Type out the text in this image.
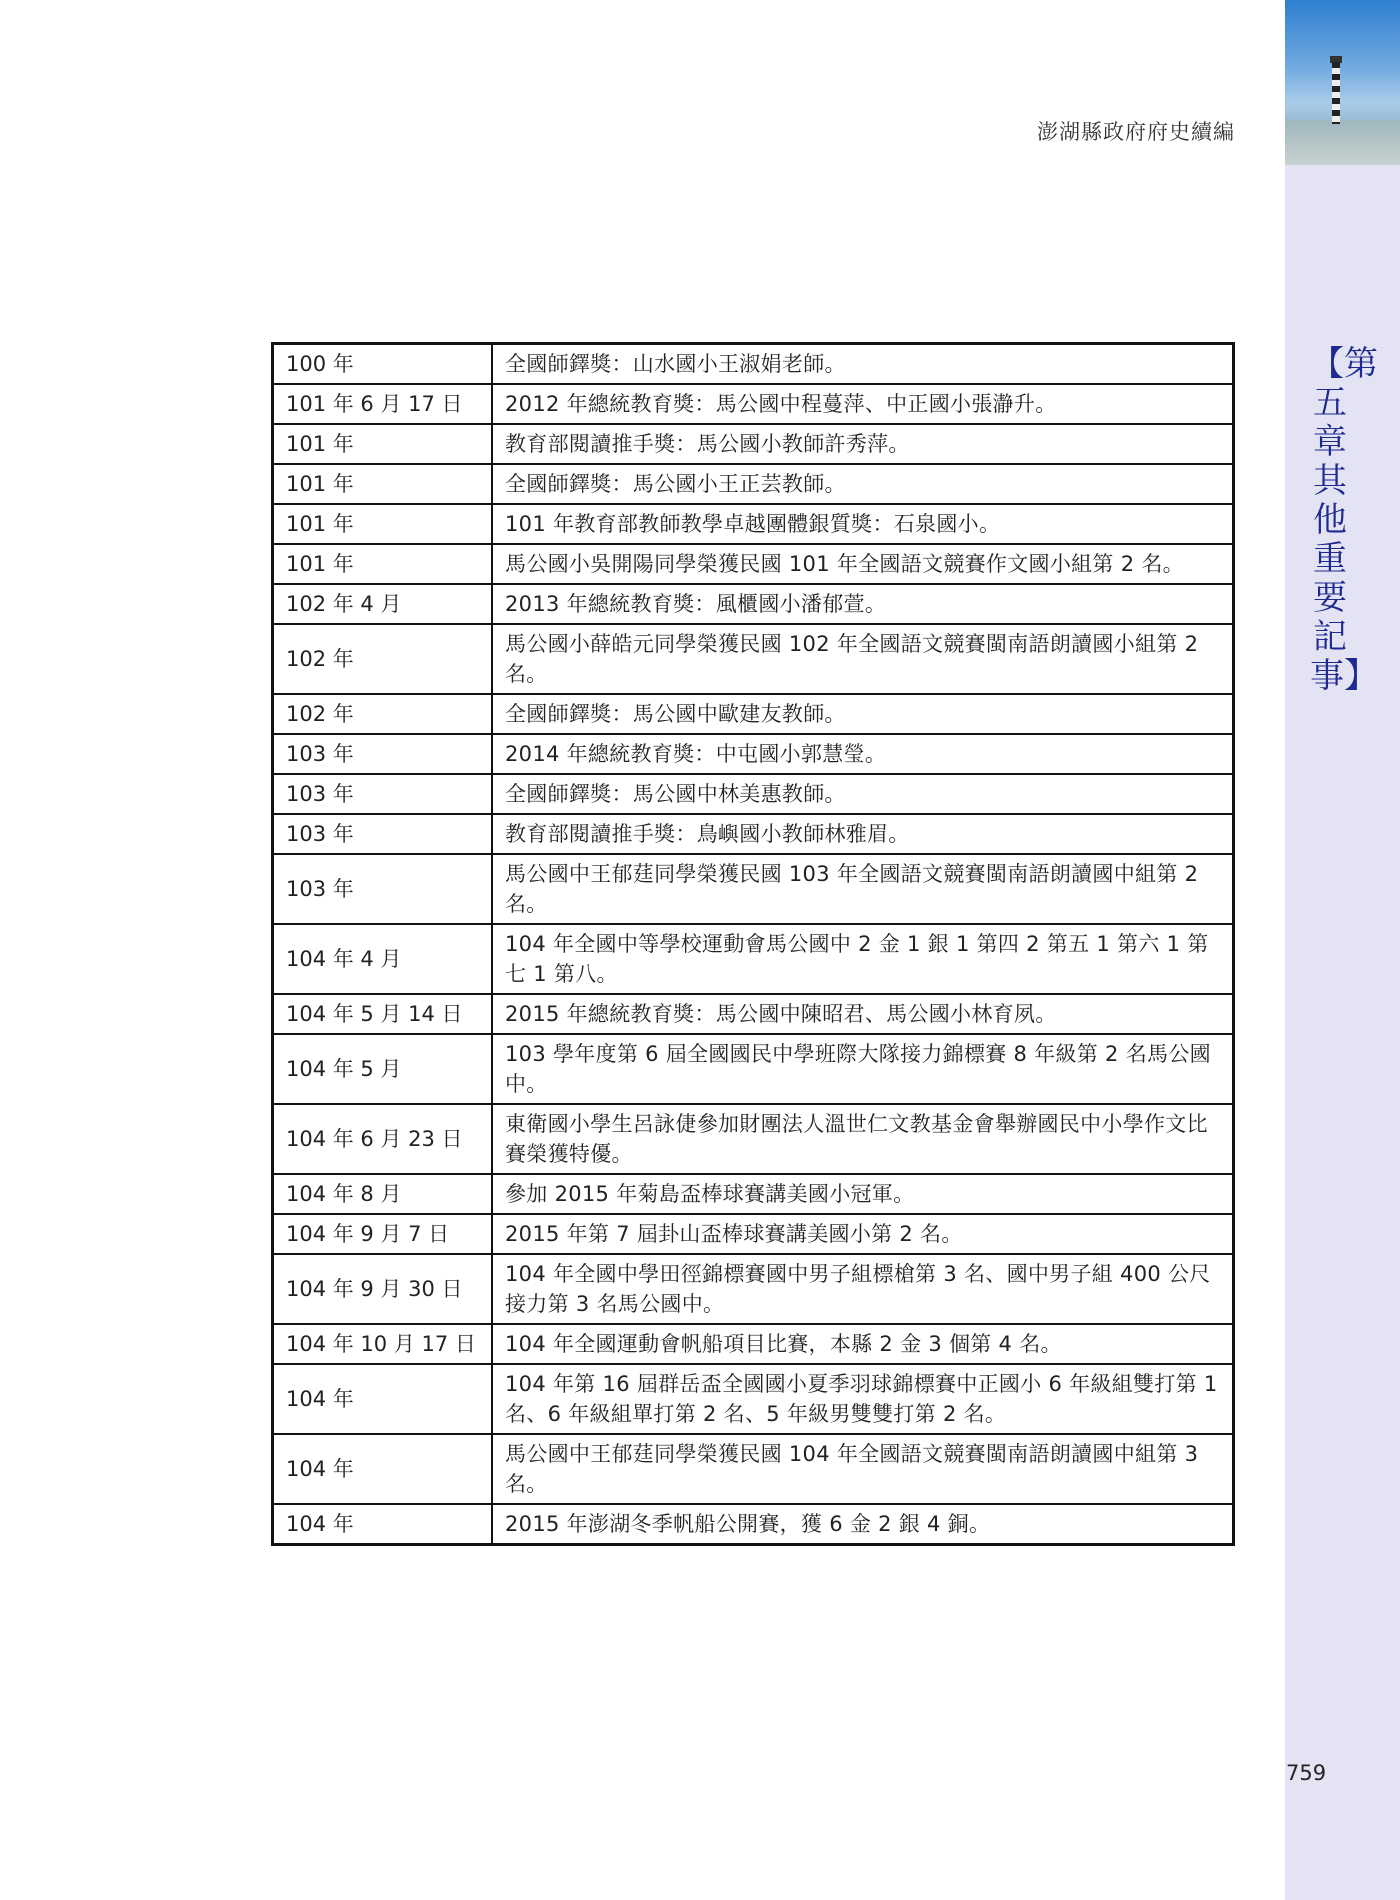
澎湖縣政府府史續編
【第五章 其他重要記事】
100 年	全國師鐸獎：山水國小王淑娟老師。
101 年 6 月 17 日	2012 年總統教育獎：馬公國中程蔓萍、中正國小張瀞升。
101 年	教育部閱讀推手獎：馬公國小教師許秀萍。
101 年	全國師鐸獎：馬公國小王正芸教師。
101 年	101 年教育部教師教學卓越團體銀質獎：石泉國小。
101 年	馬公國小吳開陽同學榮獲民國 101 年全國語文競賽作文國小組第 2 名。
102 年 4 月	2013 年總統教育獎：風櫃國小潘郁萱。
102 年	馬公國小薛皓元同學榮獲民國 102 年全國語文競賽閩南語朗讀國小組第 2 名。
102 年	全國師鐸獎：馬公國中歐建友教師。
103 年	2014 年總統教育獎：中屯國小郭慧瑩。
103 年	全國師鐸獎：馬公國中林美惠教師。
103 年	教育部閱讀推手獎：鳥嶼國小教師林雅眉。
103 年	馬公國中王郁莛同學榮獲民國 103 年全國語文競賽閩南語朗讀國中組第 2 名。
104 年 4 月	104 年全國中等學校運動會馬公國中 2 金 1 銀 1 第四 2 第五 1 第六 1 第七 1 第八。
104 年 5 月 14 日	2015 年總統教育獎：馬公國中陳昭君、馬公國小林育夙。
104 年 5 月	103 學年度第 6 屆全國國民中學班際大隊接力錦標賽 8 年級第 2 名馬公國中。
104 年 6 月 23 日	東衛國小學生呂詠倢參加財團法人溫世仁文教基金會舉辦國民中小學作文比賽榮獲特優。
104 年 8 月	參加 2015 年菊島盃棒球賽講美國小冠軍。
104 年 9 月 7 日	2015 年第 7 屆卦山盃棒球賽講美國小第 2 名。
104 年 9 月 30 日	104 年全國中學田徑錦標賽國中男子組標槍第 3 名、國中男子組 400 公尺接力第 3 名馬公國中。
104 年 10 月 17 日	104 年全國運動會帆船項目比賽，本縣 2 金 3 個第 4 名。
104 年	104 年第 16 屆群岳盃全國國小夏季羽球錦標賽中正國小 6 年級組雙打第 1 名、6 年級組單打第 2 名、5 年級男雙雙打第 2 名。
104 年	馬公國中王郁莛同學榮獲民國 104 年全國語文競賽閩南語朗讀國中組第 3 名。
104 年	2015 年澎湖冬季帆船公開賽，獲 6 金 2 銀 4 銅。
759
